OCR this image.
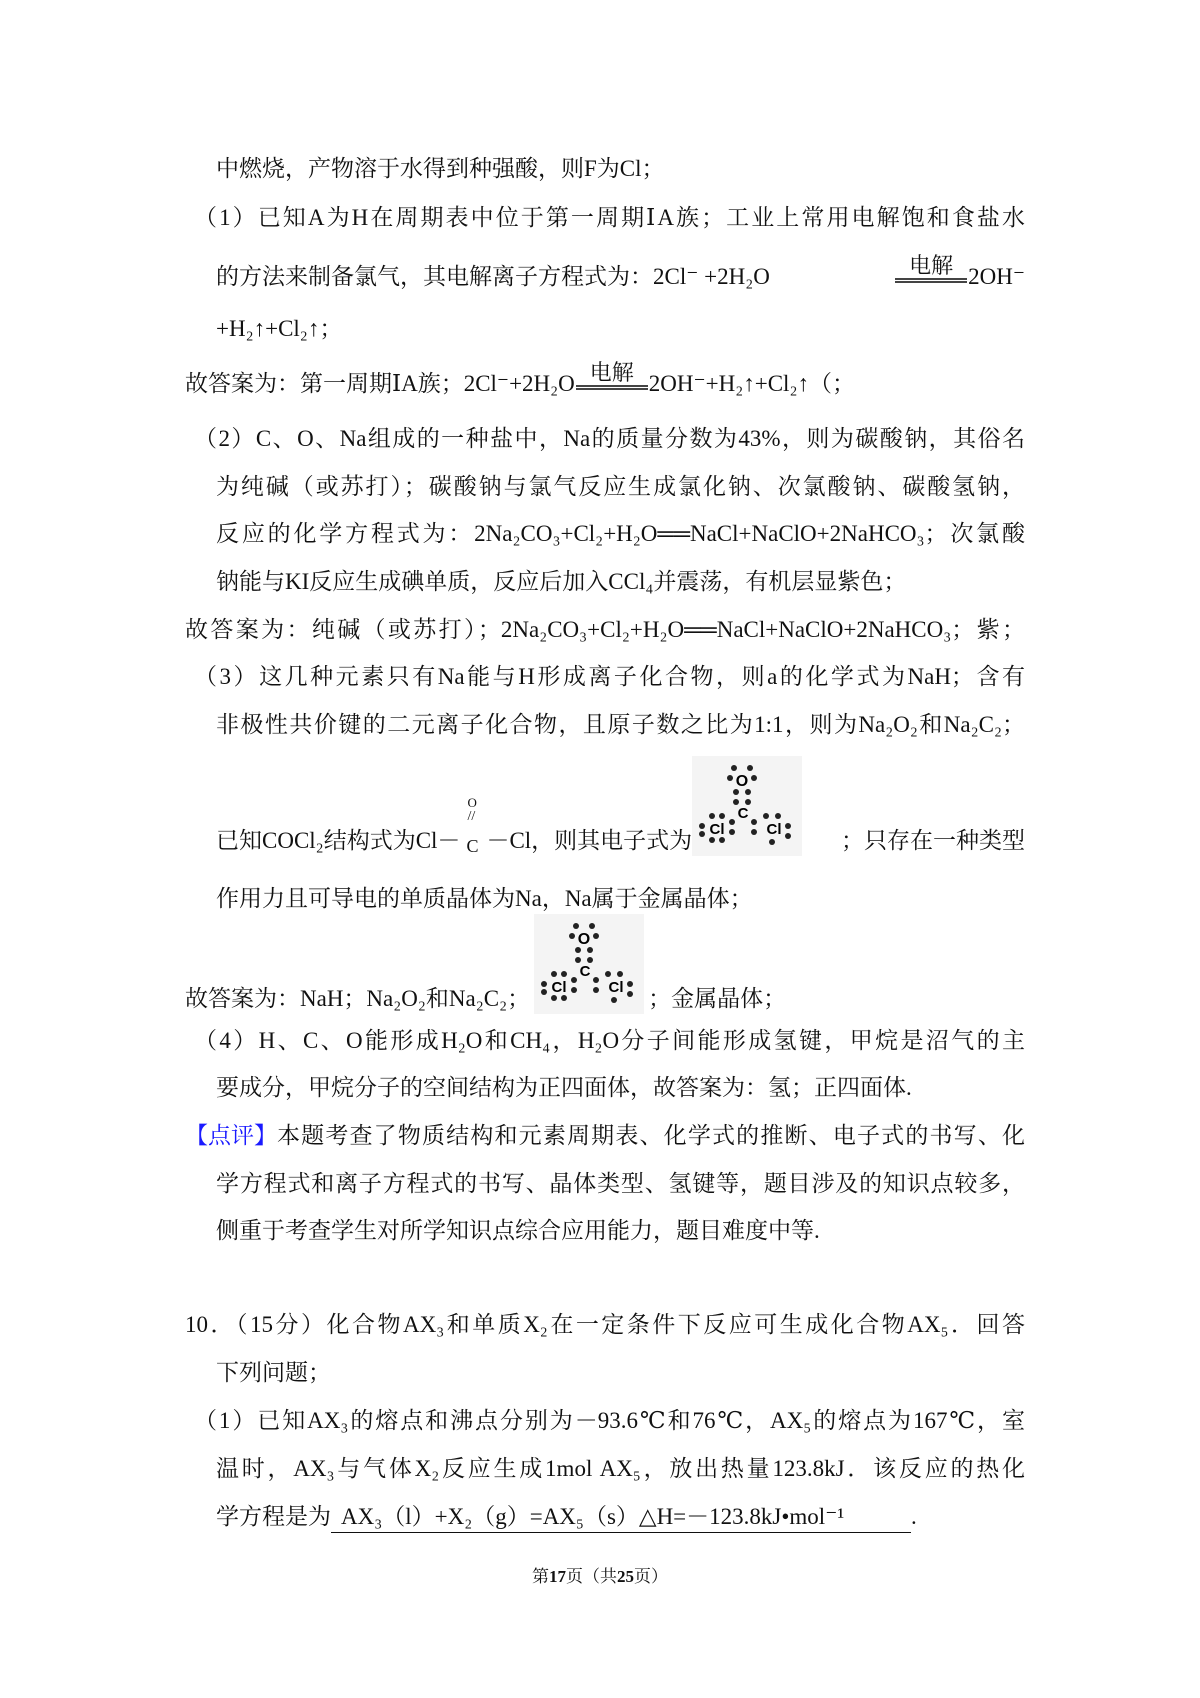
中燃烧，产物溶于水得到种强酸，则F为Cl；
（1）已知A为H在周期表中位于第一周期ⅠA族；工业上常用电解饱和食盐水
的方法来制备氯气，其电解离子方程式为：2Cl⁻ +2H₂O	电解 2OH⁻
+H₂↑+Cl₂↑；
故答案为：第一周期ⅠA族；2Cl⁻+2H₂O 电解 2OH⁻+H₂↑+Cl₂↑（；
（2）C、O、Na组成的一种盐中，Na的质量分数为43%，则为碳酸钠，其俗名
为纯碱（或苏打）；碳酸钠与氯气反应生成氯化钠、次氯酸钠、碳酸氢钠，
反应的化学方程式为：2Na₂CO₃+Cl₂+H₂O══NaCl+NaClO+2NaHCO₃；次氯酸
钠能与KI反应生成碘单质，反应后加入CCl₄并震荡，有机层显紫色；
故答案为：纯碱（或苏打）；2Na₂CO₃+Cl₂+H₂O══NaCl+NaClO+2NaHCO₃；紫；
（3）这几种元素只有Na能与H形成离子化合物，则a的化学式为NaH；含有
非极性共价键的二元离子化合物，且原子数之比为1:1，则为Na₂O₂和Na₂C₂；
已知COCl₂结构式为Cl－
O
//
C －Cl，则其电子式为
O
C
Cl	Cl	；只存在一种类型
作用力且可导电的单质晶体为Na，Na属于金属晶体；
故答案为：NaH；Na₂O₂和Na₂C₂；
O
C
Cl	Cl ；金属晶体；
（4）H、C、O能形成H₂O和CH₄，H₂O分子间能形成氢键，甲烷是沼气的主
要成分，甲烷分子的空间结构为正四面体，故答案为：氢；正四面体.
【点评】 本题考查了物质结构和元素周期表、化学式的推断、电子式的书写、化
学方程式和离子方程式的书写、晶体类型、氢键等，题目涉及的知识点较多，
侧重于考查学生对所学知识点综合应用能力，题目难度中等.
10．（15分）化合物AX₃和单质X₂在一定条件下反应可生成化合物AX₅．回答
下列问题；
（1）已知AX₃的熔点和沸点分别为－93.6℃和76℃，AX₅的熔点为167℃，室
温时，AX₃与气体X₂反应生成1mol AX₅，放出热量123.8kJ．该反应的热化
学方程是为 AX₃（l）+X₂（g）=AX₅（s）△H=－123.8kJ•mol⁻¹	.
第17页（共25页）
